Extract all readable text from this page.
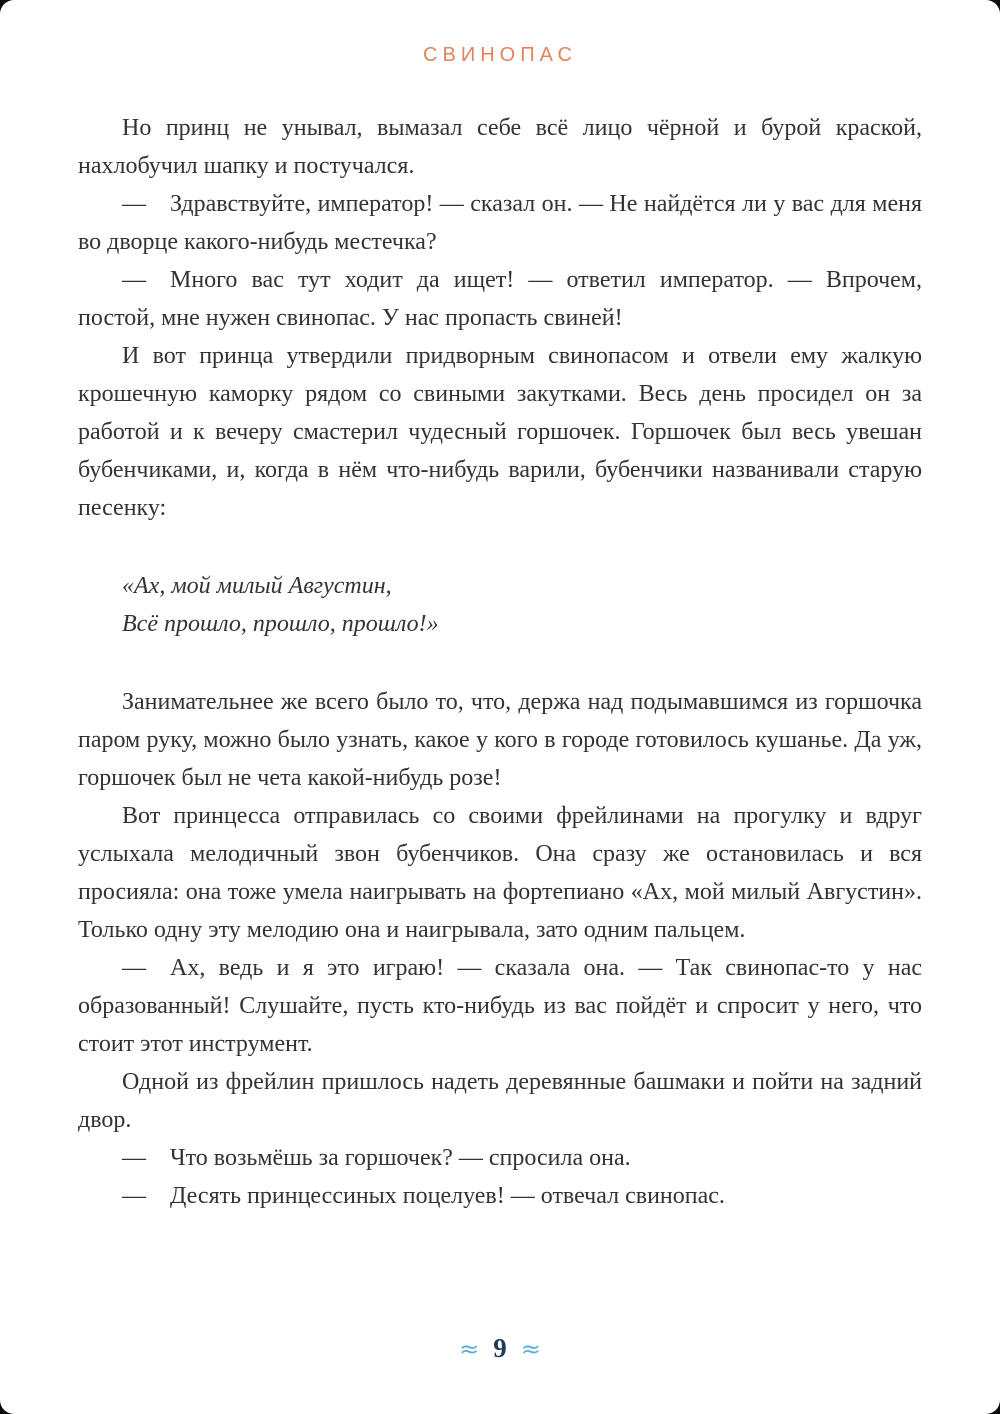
СВИНОПАС

Но принц не унывал, вымазал себе всё лицо чёрной и бурой краской, нахлобучил шапку и постучался.

— Здравствуйте, император! — сказал он. — Не найдётся ли у вас для меня во дворце какого-нибудь местечка?

— Много вас тут ходит да ищет! — ответил император. — Впрочем, постой, мне нужен свинопас. У нас пропасть свиней!

И вот принца утвердили придворным свинопасом и отвели ему жалкую крошечную каморку рядом со свиными закутками. Весь день просидел он за работой и к вечеру смастерил чудесный горшочек. Горшочек был весь увешан бубенчиками, и, когда в нём что-нибудь варили, бубенчики названивали старую песенку:

«Ах, мой милый Августин,
Всё прошло, прошло, прошло!»

Занимательнее же всего было то, что, держа над подымавшимся из горшочка паром руку, можно было узнать, какое у кого в городе готовилось кушанье. Да уж, горшочек был не чета какой-нибудь розе!

Вот принцесса отправилась со своими фрейлинами на прогулку и вдруг услыхала мелодичный звон бубенчиков. Она сразу же остановилась и вся просияла: она тоже умела наигрывать на фортепиано «Ах, мой милый Августин». Только одну эту мелодию она и наигрывала, зато одним пальцем.

— Ах, ведь и я это играю! — сказала она. — Так свинопас-то у нас образованный! Слушайте, пусть кто-нибудь из вас пойдёт и спросит у него, что стоит этот инструмент.

Одной из фрейлин пришлось надеть деревянные башмаки и пойти на задний двор.

— Что возьмёшь за горшочек? — спросила она.

— Десять принцессиных поцелуев! — отвечал свинопас.

≈ 9 ≈
